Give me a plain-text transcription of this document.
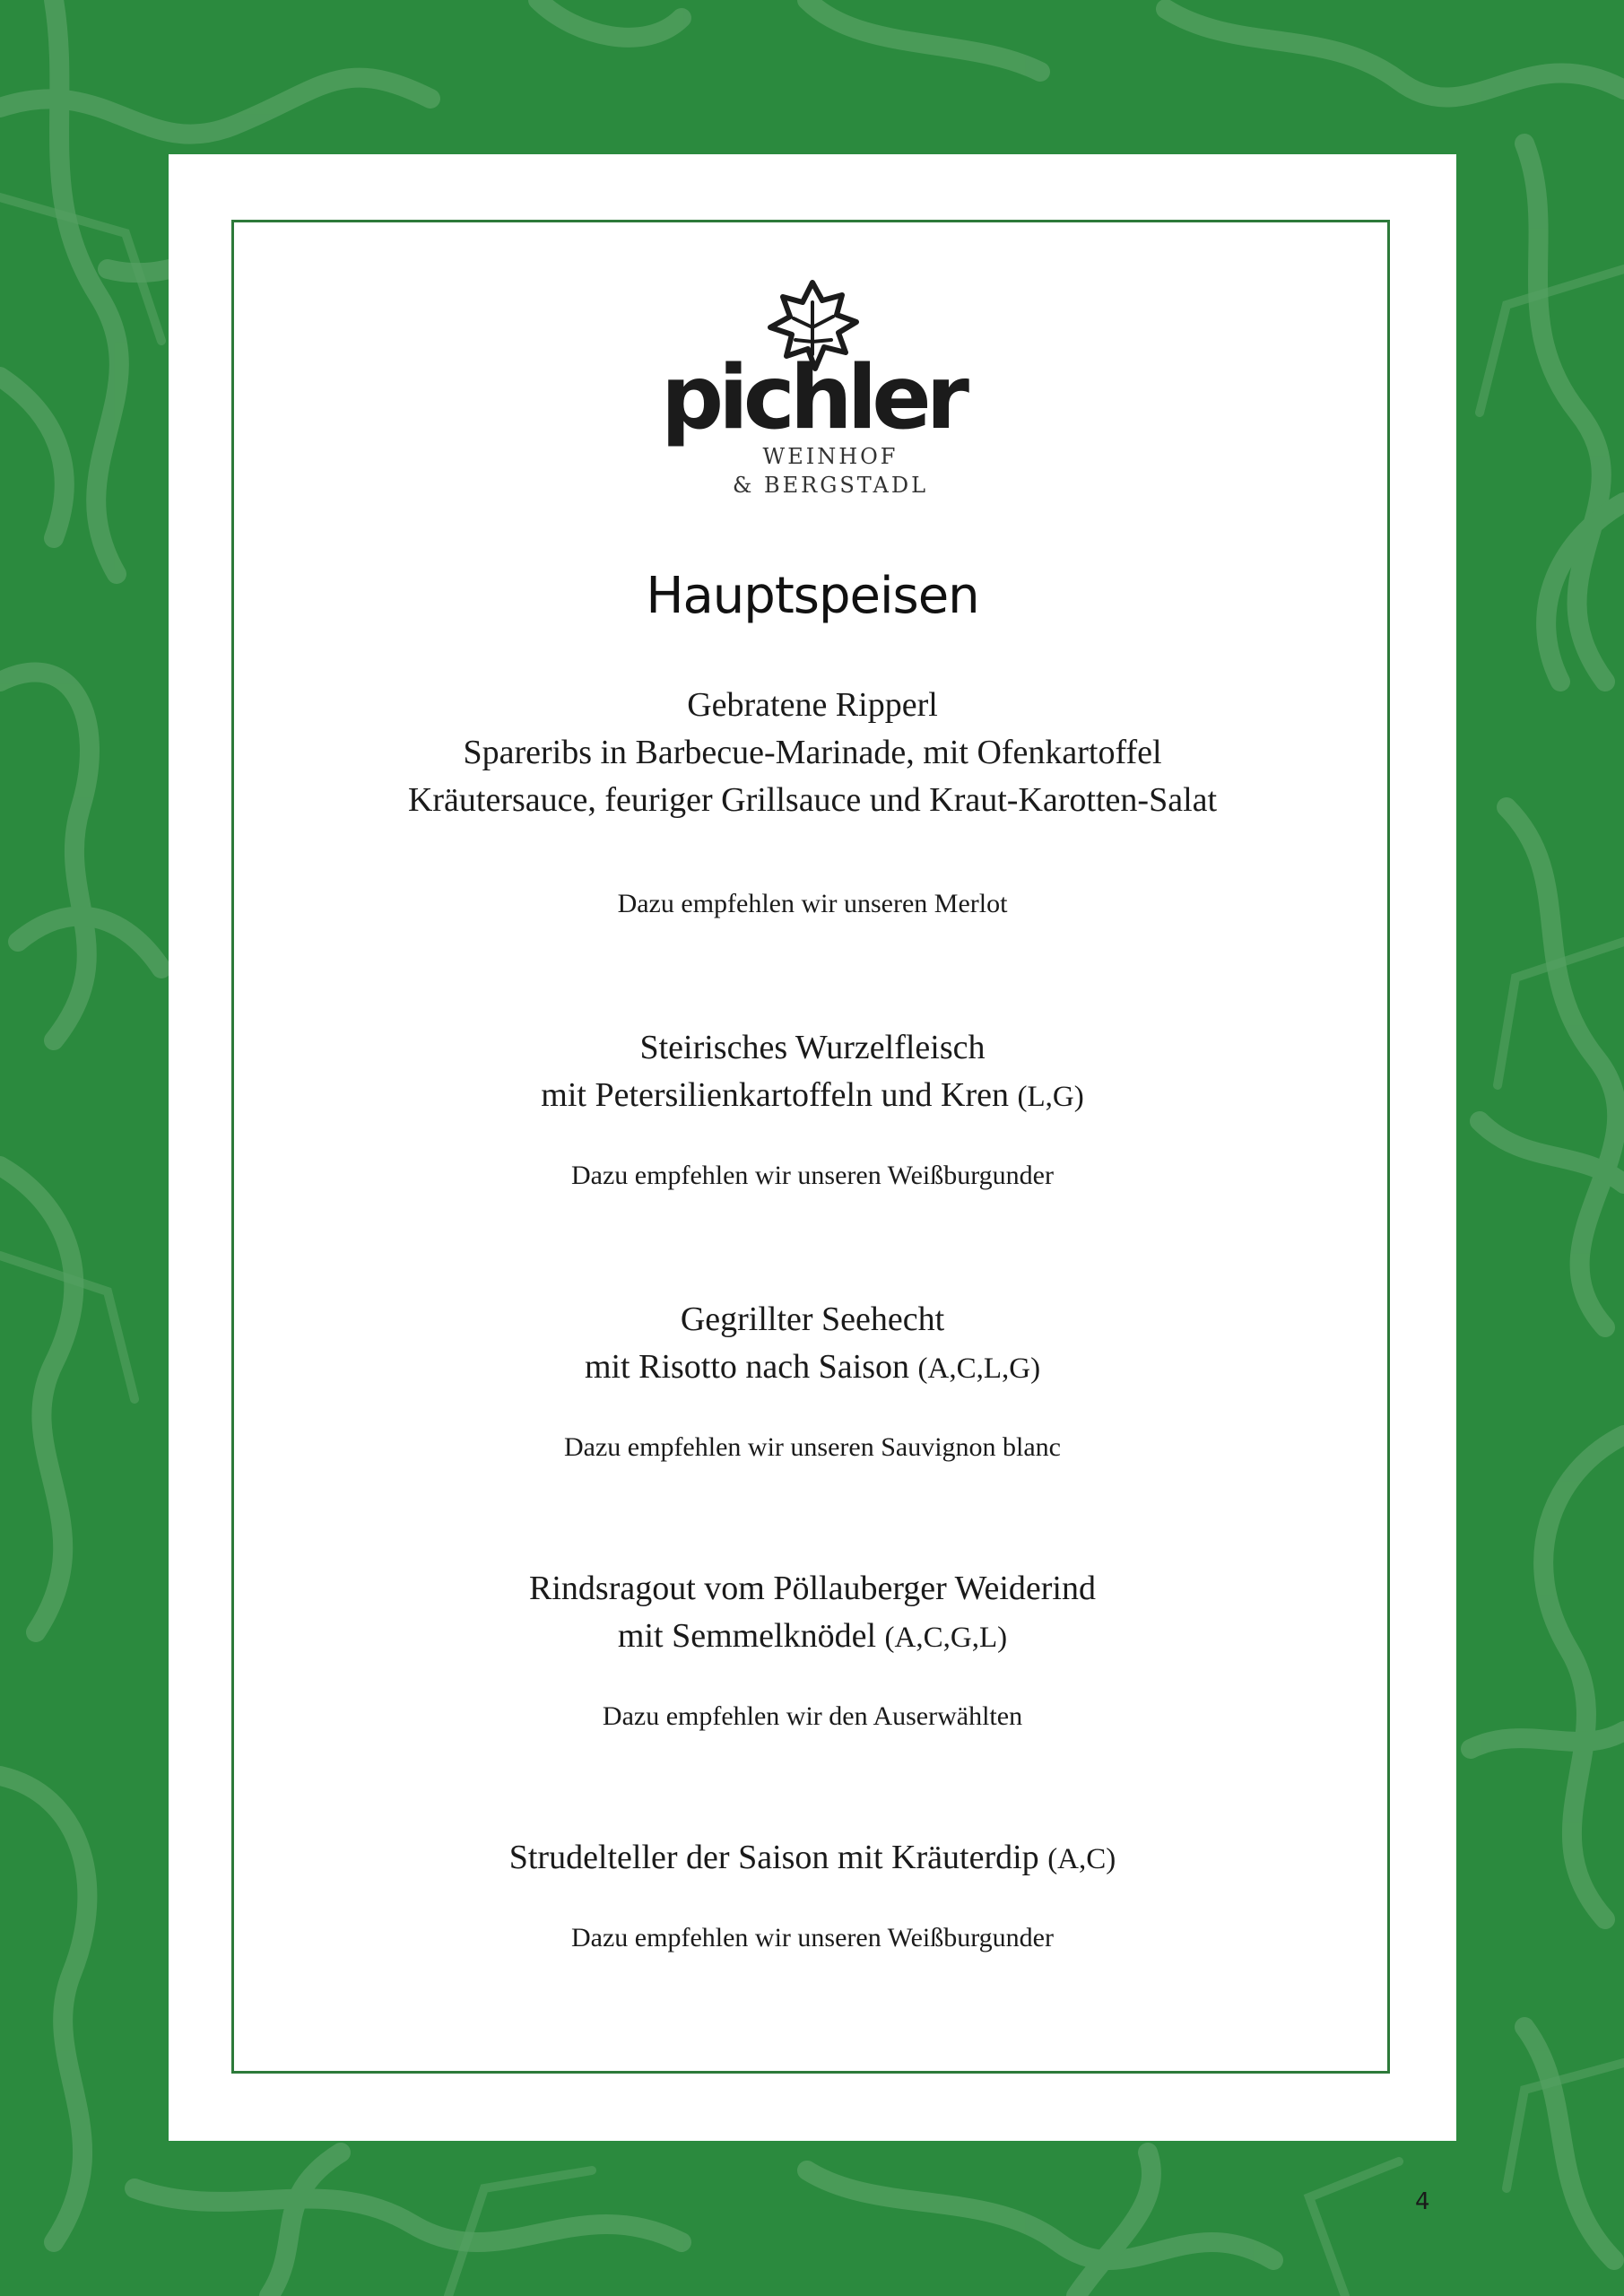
pichler
WEINHOF
& BERGSTADL
Hauptspeisen
Gebratene Ripperl
Spareribs in Barbecue-Marinade, mit Ofenkartoffel
Kräutersauce, feuriger Grillsauce und Kraut-Karotten-Salat
Dazu empfehlen wir unseren Merlot
Steirisches Wurzelfleisch
mit Petersilienkartoffeln und Kren (L,G)
Dazu empfehlen wir unseren Weißburgunder
Gegrillter Seehecht
mit Risotto nach Saison (A,C,L,G)
Dazu empfehlen wir unseren Sauvignon blanc
Rindsragout vom Pöllauberger Weiderind
mit Semmelknödel (A,C,G,L)
Dazu empfehlen wir den Auserwählten
Strudelteller der Saison mit Kräuterdip (A,C)
Dazu empfehlen wir unseren Weißburgunder
4
